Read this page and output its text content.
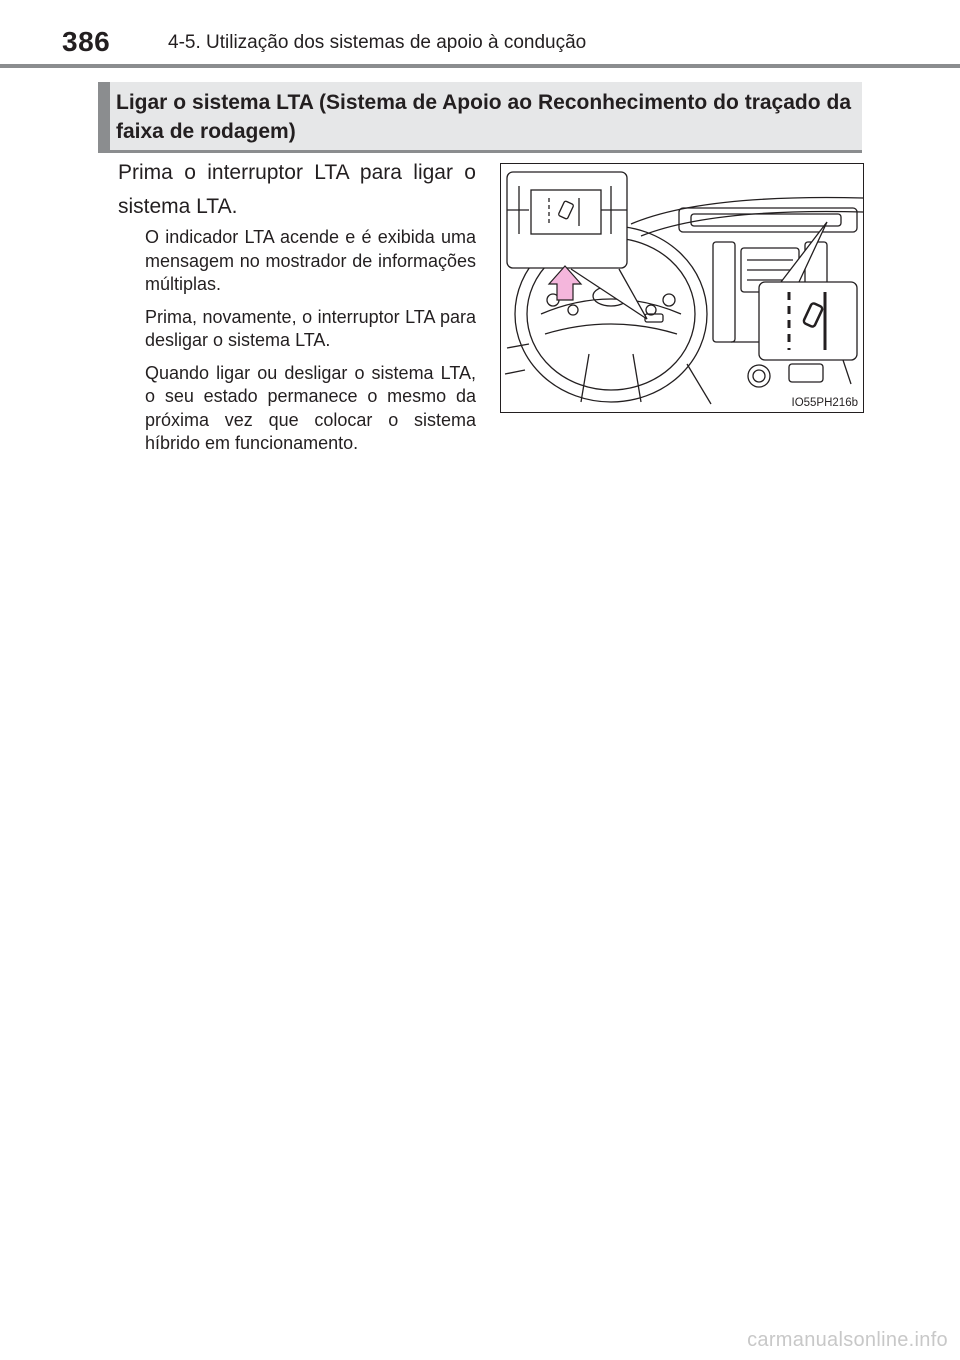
386	4-5. Utilização dos sistemas de apoio à condução
Ligar o sistema LTA (Sistema de Apoio ao Reconhecimento do traçado da faixa de rodagem)
Prima o interruptor LTA para ligar o sistema LTA.

O indicador LTA acende e é exibida uma mensagem no mostrador de informações múltiplas.

Prima, novamente, o interruptor LTA para desligar o sistema LTA.

Quando ligar ou desligar o sistema LTA, o seu estado permanece o mesmo da próxima vez que colocar o sistema híbrido em funcionamento.

IO55PH216b
carmanualsonline.info
